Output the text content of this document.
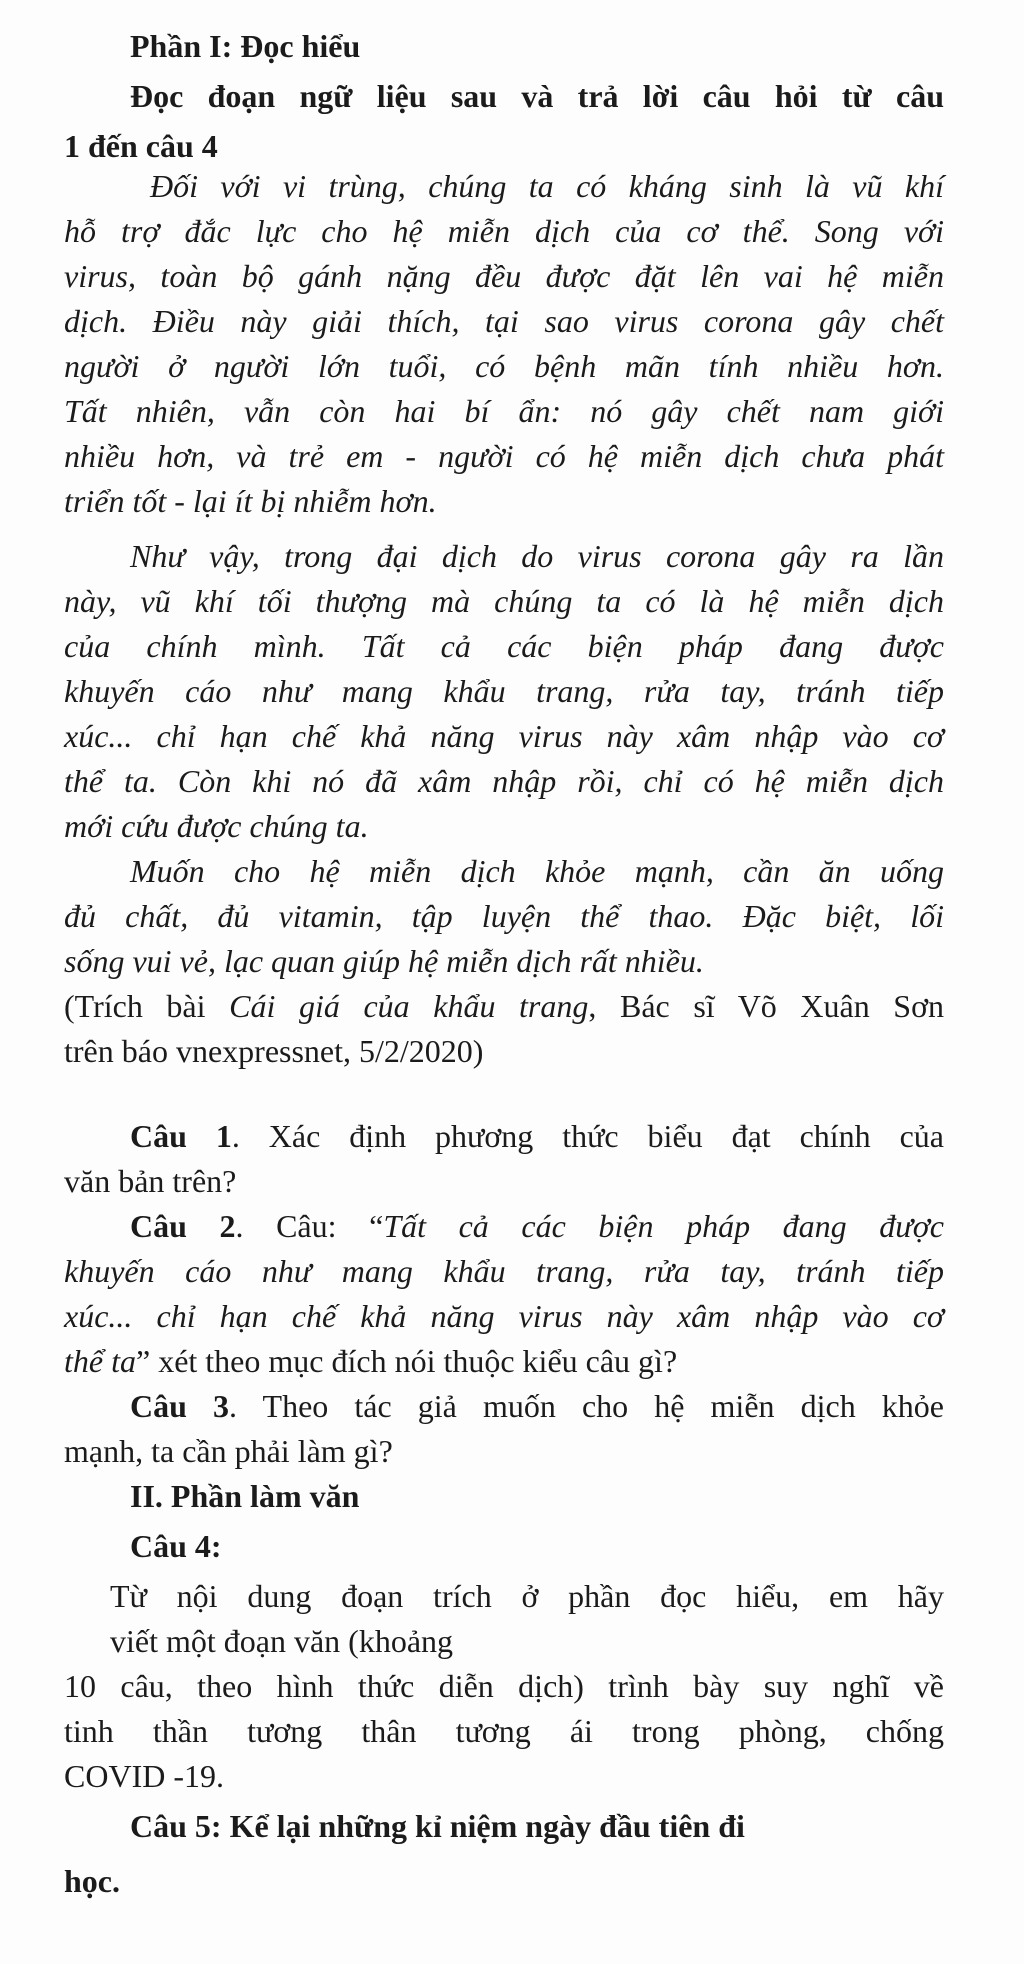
Phần I: Đọc hiểu
Đọc đoạn ngữ liệu sau và trả lời câu hỏi từ câu
1 đến câu 4
Đối với vi trùng, chúng ta có kháng sinh là vũ khí
hỗ trợ đắc lực cho hệ miễn dịch của cơ thể. Song với
virus, toàn bộ gánh nặng đều được đặt lên vai hệ miễn
dịch. Điều này giải thích, tại sao virus corona gây chết
người ở người lớn tuổi, có bệnh mãn tính nhiều hơn.
Tất nhiên, vẫn còn hai bí ẩn: nó gây chết nam giới
nhiều hơn, và trẻ em - người có hệ miễn dịch chưa phát
triển tốt - lại ít bị nhiễm hơn.
Như vậy, trong đại dịch do virus corona gây ra lần
này, vũ khí tối thượng mà chúng ta có là hệ miễn dịch
của chính mình. Tất cả các biện pháp đang được
khuyến cáo như mang khẩu trang, rửa tay, tránh tiếp
xúc... chỉ hạn chế khả năng virus này xâm nhập vào cơ
thể ta. Còn khi nó đã xâm nhập rồi, chỉ có hệ miễn dịch
mới cứu được chúng ta.
Muốn cho hệ miễn dịch khỏe mạnh, cần ăn uống
đủ chất, đủ vitamin, tập luyện thể thao. Đặc biệt, lối
sống vui vẻ, lạc quan giúp hệ miễn dịch rất nhiều.
(Trích bài Cái giá của khẩu trang, Bác sĩ Võ Xuân Sơn
trên báo vnexpressnet, 5/2/2020)
Câu 1. Xác định phương thức biểu đạt chính của
văn bản trên?
Câu 2. Câu: “Tất cả các biện pháp đang được
khuyến cáo như mang khẩu trang, rửa tay, tránh tiếp
xúc... chỉ hạn chế khả năng virus này xâm nhập vào cơ
thể ta” xét theo mục đích nói thuộc kiểu câu gì?
Câu 3. Theo tác giả muốn cho hệ miễn dịch khỏe
mạnh, ta cần phải làm gì?
II. Phần làm văn
Câu 4:
Từ nội dung đoạn trích ở phần đọc hiểu, em hãy
viết một đoạn văn (khoảng
10 câu, theo hình thức diễn dịch) trình bày suy nghĩ về
tinh thần tương thân tương ái trong phòng, chống
COVID -19.
Câu 5: Kể lại những kỉ niệm ngày đầu tiên đi
học.
